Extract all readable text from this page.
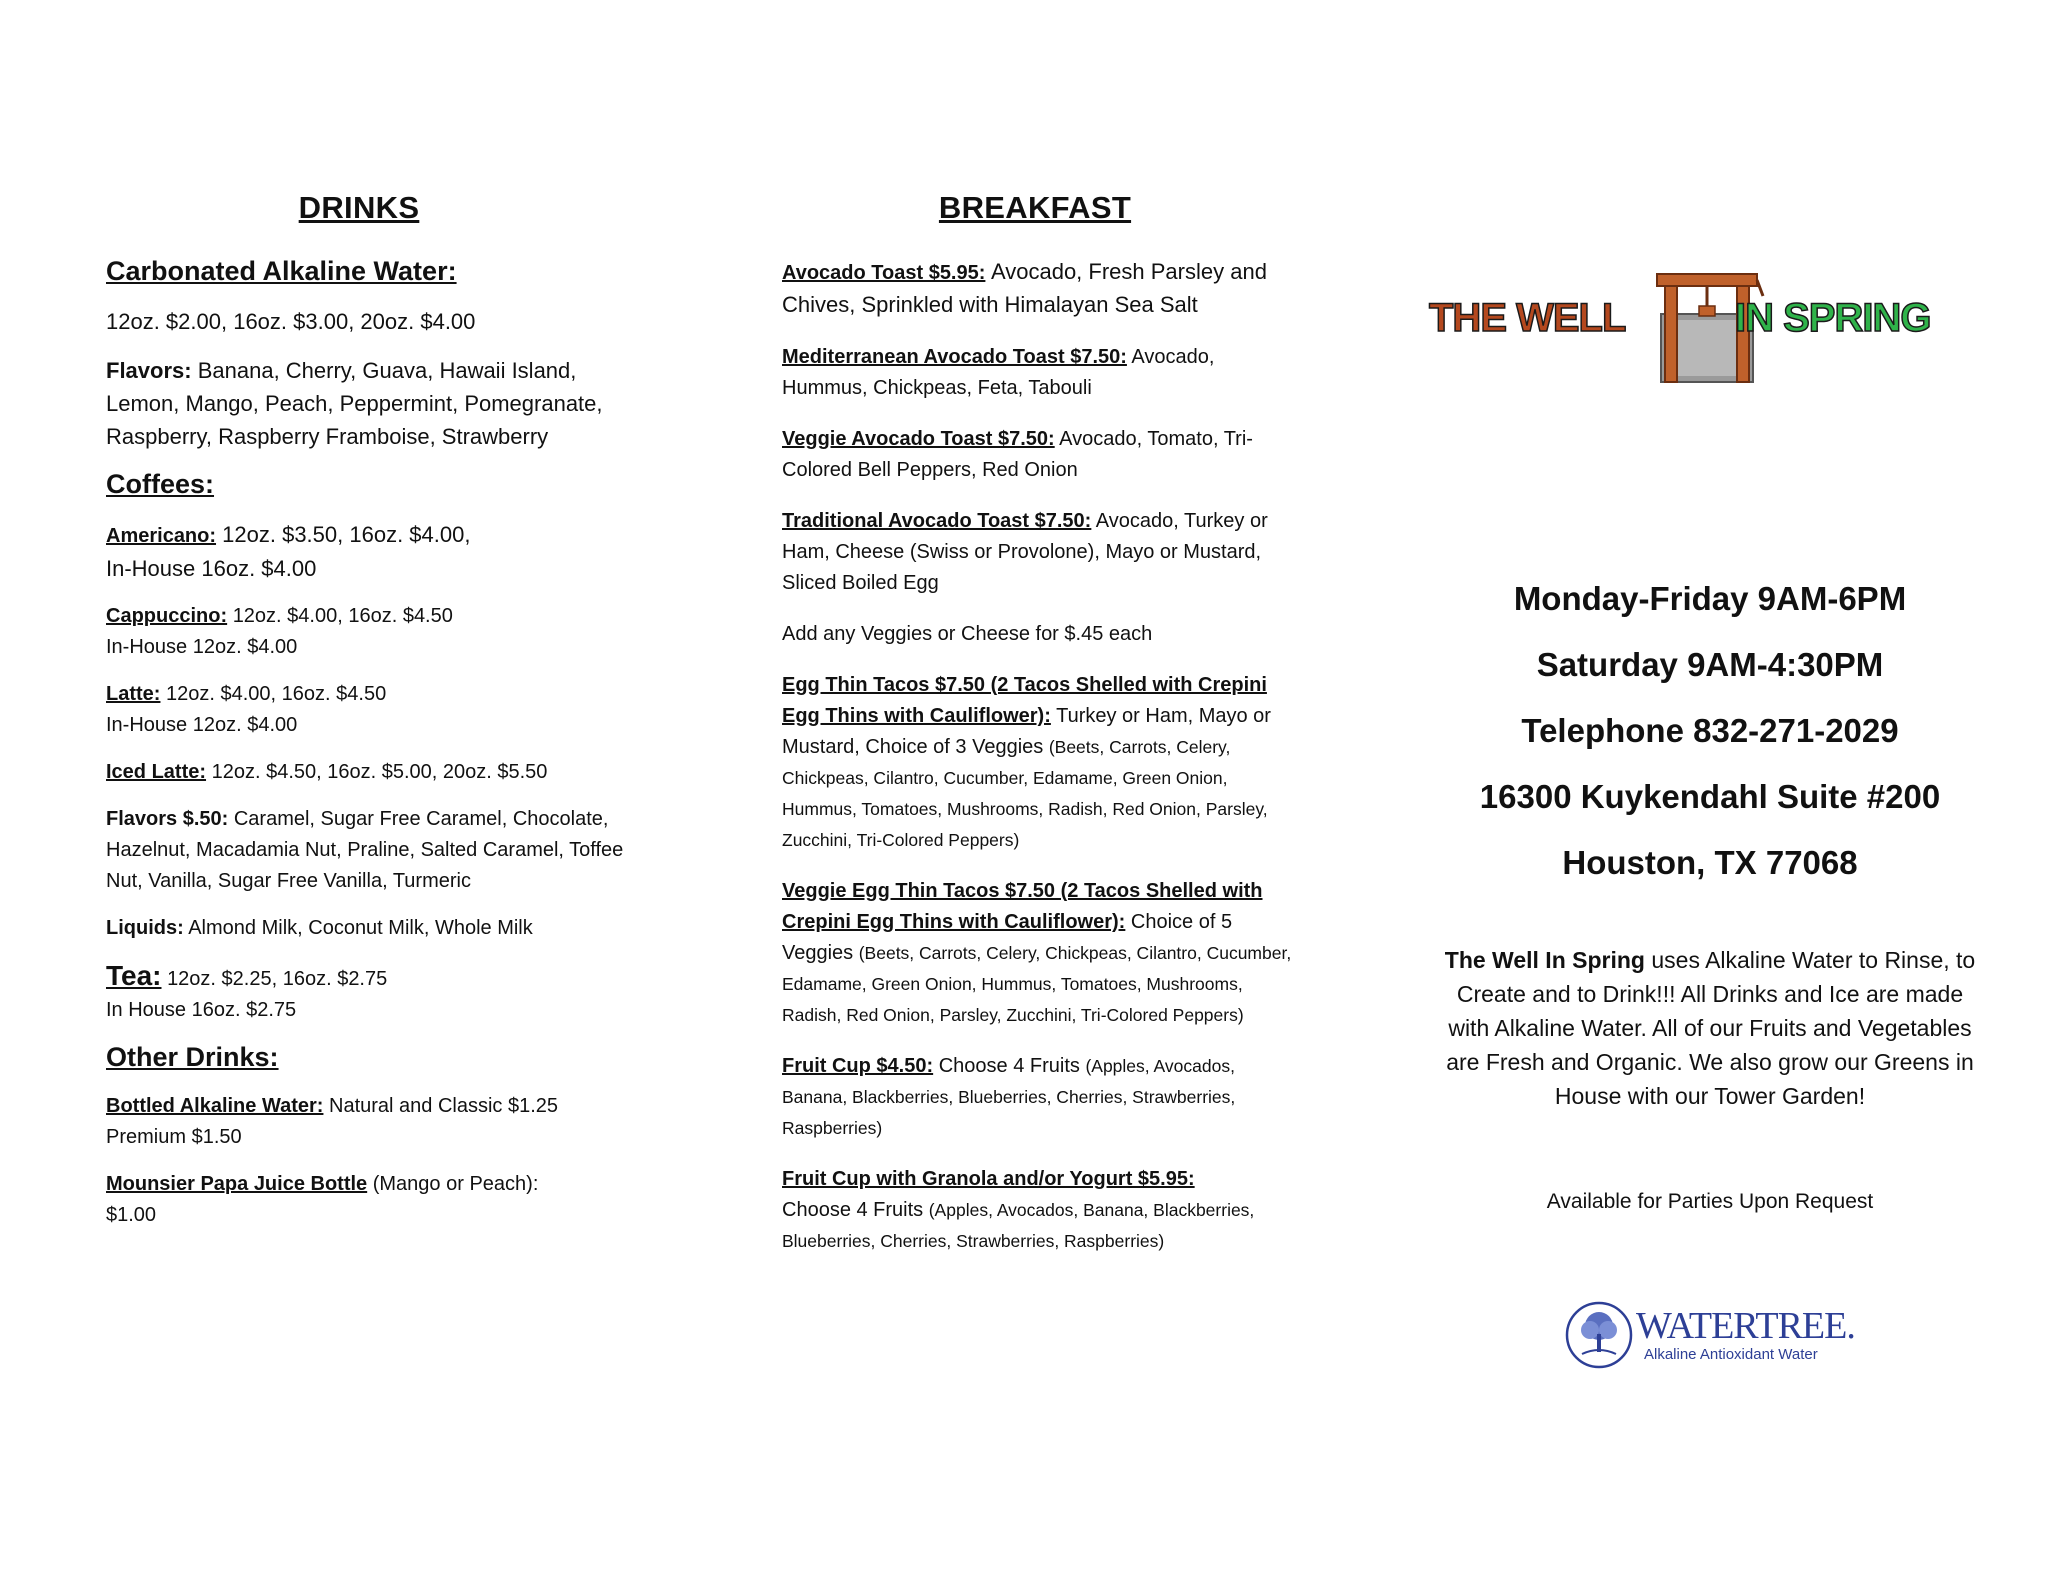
DRINKS
Carbonated Alkaline Water:

12oz. $2.00, 16oz. $3.00, 20oz. $4.00

Flavors: Banana, Cherry, Guava, Hawaii Island, Lemon, Mango, Peach, Peppermint, Pomegranate, Raspberry, Raspberry Framboise, Strawberry

Coffees:

Americano: 12oz. $3.50, 16oz. $4.00,
In-House 16oz. $4.00

Cappuccino: 12oz. $4.00, 16oz. $4.50
In-House 12oz. $4.00

Latte: 12oz. $4.00, 16oz. $4.50
In-House 12oz. $4.00

Iced Latte: 12oz. $4.50, 16oz. $5.00, 20oz. $5.50

Flavors $.50: Caramel, Sugar Free Caramel, Chocolate, Hazelnut, Macadamia Nut, Praline, Salted Caramel, Toffee Nut, Vanilla, Sugar Free Vanilla, Turmeric

Liquids: Almond Milk, Coconut Milk, Whole Milk

Tea: 12oz. $2.25, 16oz. $2.75
In House 16oz. $2.75

Other Drinks:

Bottled Alkaline Water: Natural and Classic $1.25
Premium $1.50

Mounsier Papa Juice Bottle (Mango or Peach):
$1.00

BREAKFAST

Avocado Toast $5.95: Avocado, Fresh Parsley and Chives, Sprinkled with Himalayan Sea Salt

Mediterranean Avocado Toast $7.50: Avocado, Hummus, Chickpeas, Feta, Tabouli

Veggie Avocado Toast $7.50: Avocado, Tomato, Tri-Colored Bell Peppers, Red Onion

Traditional Avocado Toast $7.50: Avocado, Turkey or Ham, Cheese (Swiss or Provolone), Mayo or Mustard, Sliced Boiled Egg

Add any Veggies or Cheese for $.45 each

Egg Thin Tacos $7.50 (2 Tacos Shelled with Crepini Egg Thins with Cauliflower): Turkey or Ham, Mayo or Mustard, Choice of 3 Veggies (Beets, Carrots, Celery, Chickpeas, Cilantro, Cucumber, Edamame, Green Onion, Hummus, Tomatoes, Mushrooms, Radish, Red Onion, Parsley, Zucchini, Tri-Colored Peppers)

Veggie Egg Thin Tacos $7.50 (2 Tacos Shelled with Crepini Egg Thins with Cauliflower): Choice of 5 Veggies (Beets, Carrots, Celery, Chickpeas, Cilantro, Cucumber, Edamame, Green Onion, Hummus, Tomatoes, Mushrooms, Radish, Red Onion, Parsley, Zucchini, Tri-Colored Peppers)

Fruit Cup $4.50: Choose 4 Fruits (Apples, Avocados, Banana, Blackberries, Blueberries, Cherries, Strawberries, Raspberries)

Fruit Cup with Granola and/or Yogurt $5.95:
Choose 4 Fruits (Apples, Avocados, Banana, Blackberries, Blueberries, Cherries, Strawberries, Raspberries)

THE WELL	IN SPRING

Monday-Friday 9AM-6PM

Saturday 9AM-4:30PM

Telephone 832-271-2029

16300 Kuykendahl Suite #200

Houston, TX 77068

The Well In Spring uses Alkaline Water to Rinse, to Create and to Drink!!! All Drinks and Ice are made with Alkaline Water. All of our Fruits and Vegetables are Fresh and Organic. We also grow our Greens in House with our Tower Garden!

Available for Parties Upon Request

WATERTREE.
Alkaline Antioxidant Water
